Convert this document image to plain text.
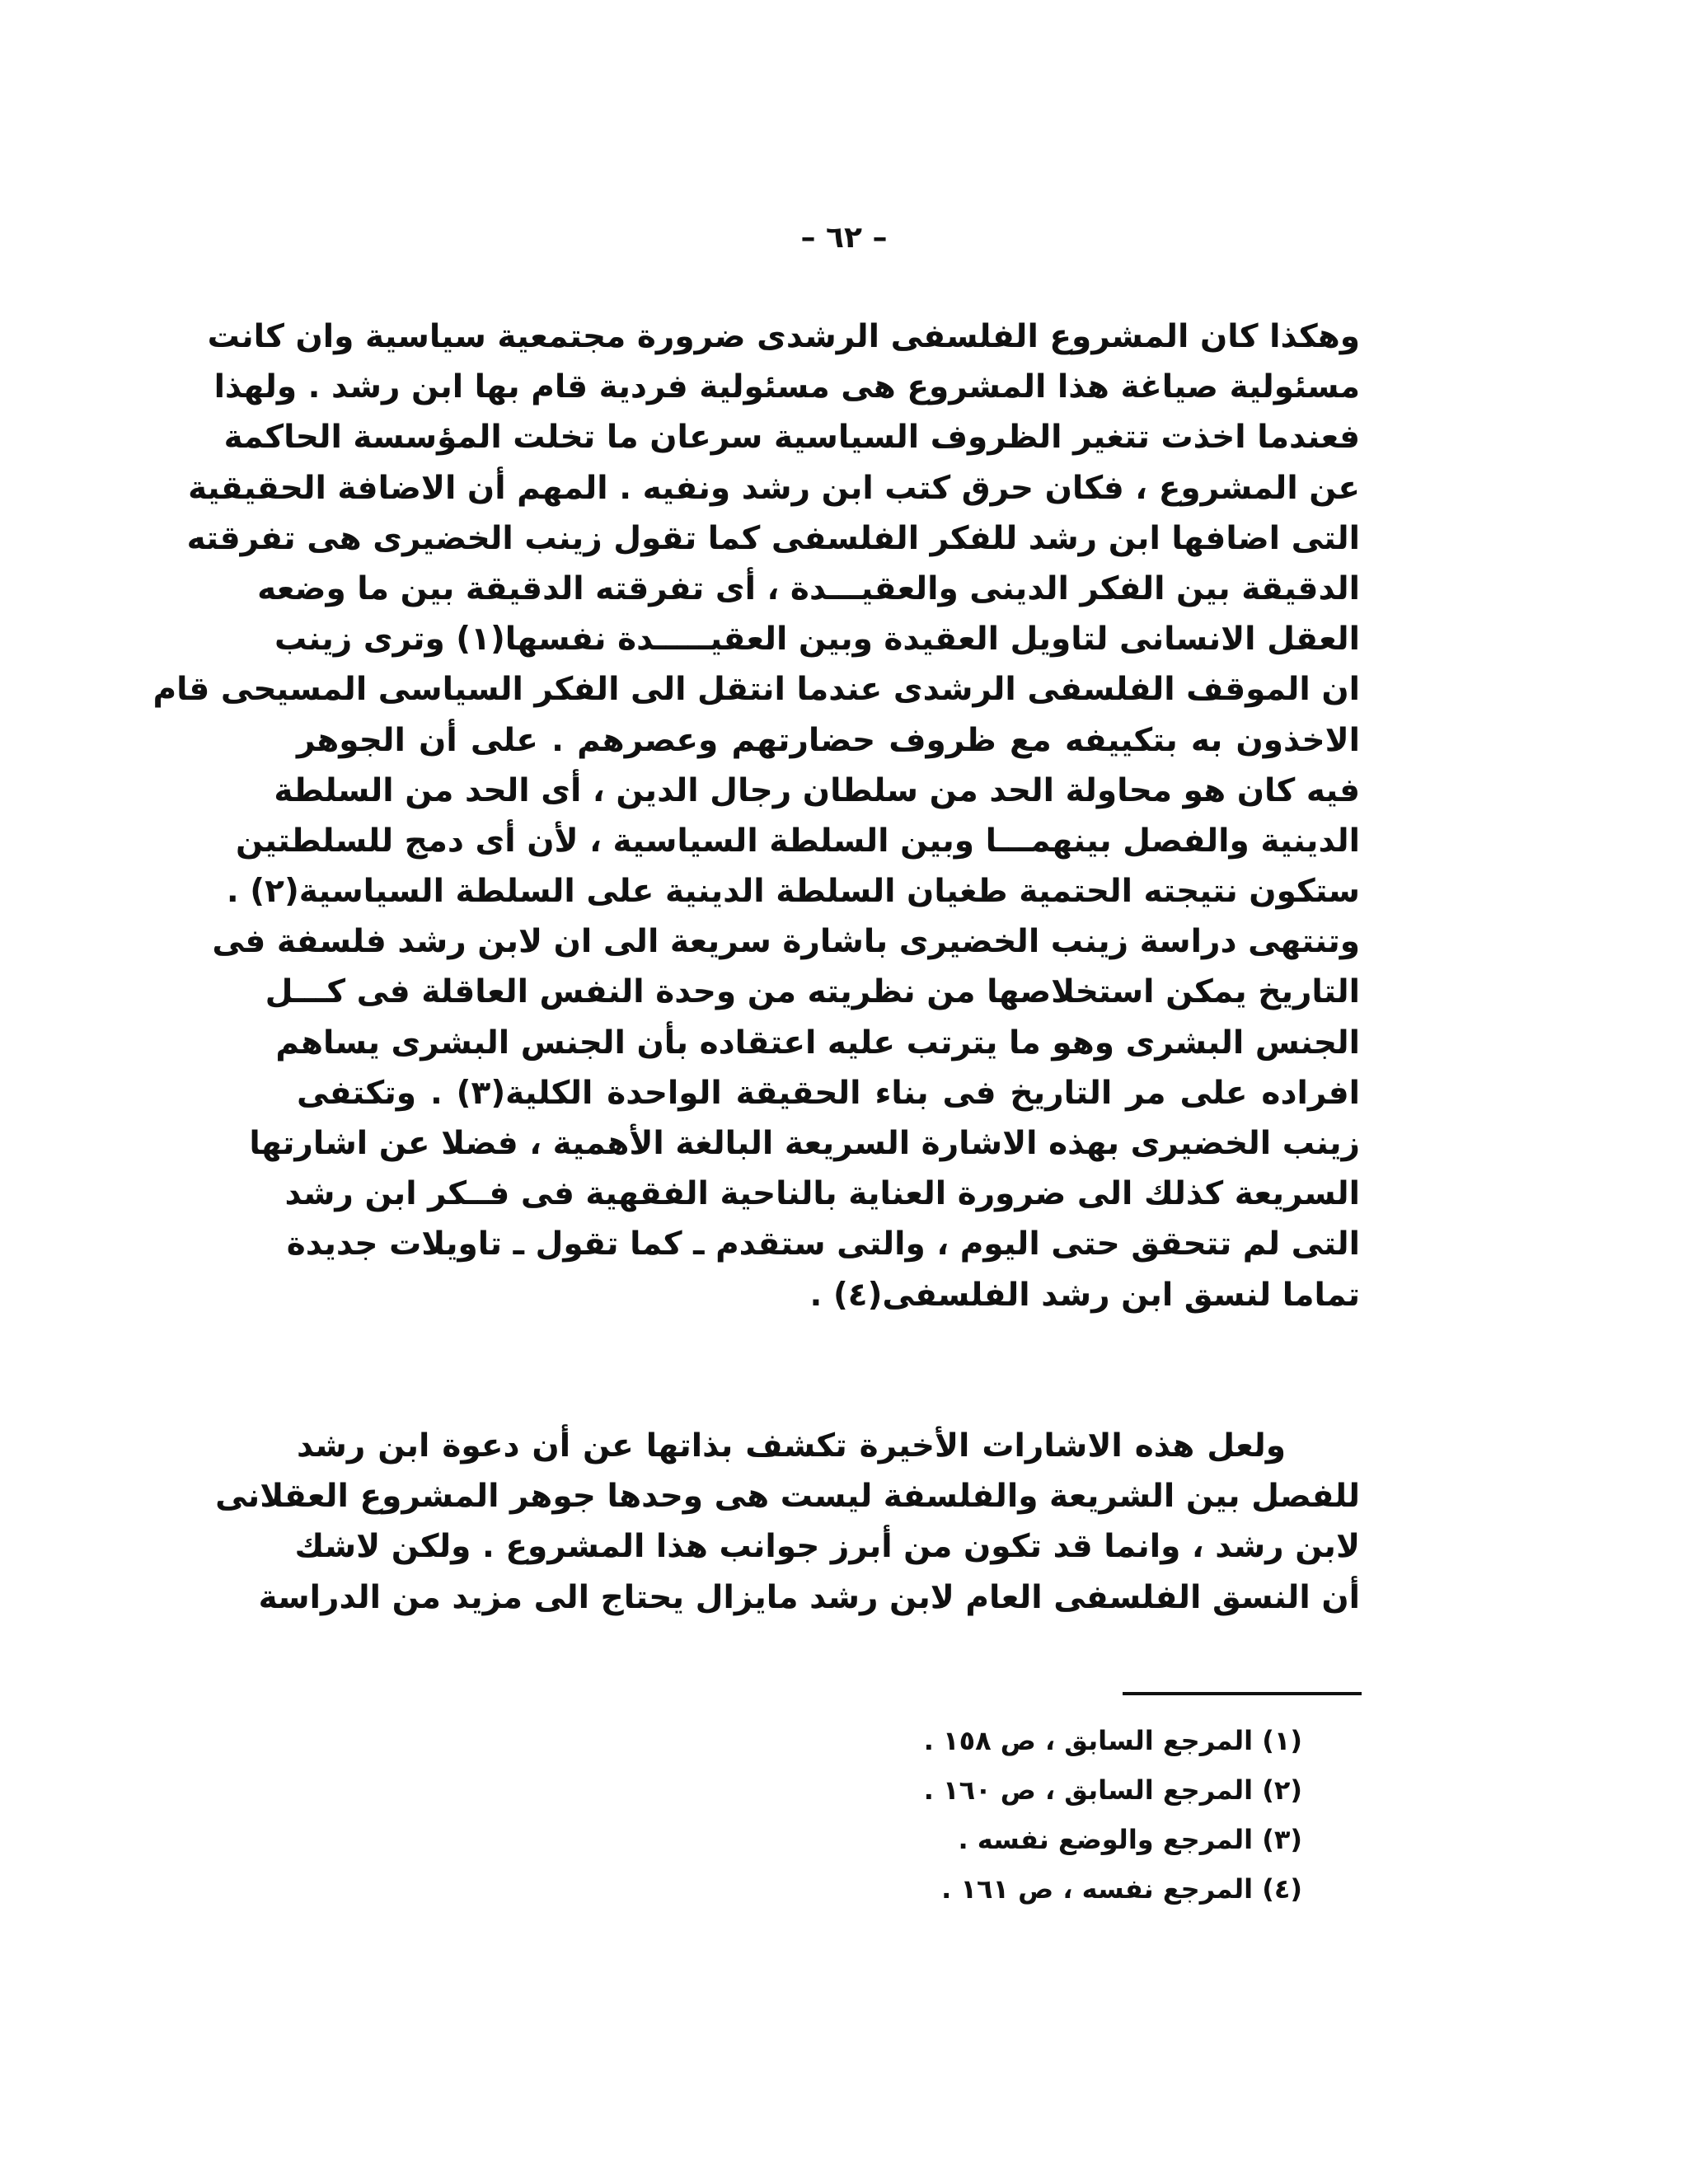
– ٦٢ –
وهكذا كان المشروع الفلسفى الرشدى ضرورة مجتمعية سياسية وان كانت
مسئولية صياغة هذا المشروع هى مسئولية فردية قام بها ابن رشد . ولهذا
فعندما اخذت تتغير الظروف السياسية سرعان ما تخلت المؤسسة الحاكمة
عن المشروع ، فكان حرق كتب ابن رشد ونفيه . المهم أن الاضافة الحقيقية
التى اضافها ابن رشد للفكر الفلسفى كما تقول زينب الخضيرى هى تفرقته
الدقيقة بين الفكر الدينى والعقيـــدة ، أى تفرقته الدقيقة بين ما وضعه
العقل الانسانى لتاويل العقيدة وبين العقيـــــدة نفسها(١) وترى زينب
ان الموقف الفلسفى الرشدى عندما انتقل الى الفكر السياسى المسيحى قام
الاخذون به بتكييفه مع ظروف حضارتهم وعصرهم . على أن الجوهر
فيه كان هو محاولة الحد من سلطان رجال الدين ، أى الحد من السلطة
الدينية والفصل بينهمـــا وبين السلطة السياسية ، لأن أى دمج للسلطتين
ستكون نتيجته الحتمية طغيان السلطة الدينية على السلطة السياسية(٢) .
وتنتهى دراسة زينب الخضيرى باشارة سريعة الى ان لابن رشد فلسفة فى
التاريخ يمكن استخلاصها من نظريته من وحدة النفس العاقلة فى كـــل
الجنس البشرى وهو ما يترتب عليه اعتقاده بأن الجنس البشرى يساهم
افراده على مر التاريخ فى بناء الحقيقة الواحدة الكلية(٣) . وتكتفى
زينب الخضيرى بهذه الاشارة السريعة البالغة الأهمية ، فضلا عن اشارتها
السريعة كذلك الى ضرورة العناية بالناحية الفقهية فى فــكر ابن رشد
التى لم تتحقق حتى اليوم ، والتى ستقدم ـ كما تقول ـ تاويلات جديدة
تماما لنسق ابن رشد الفلسفى(٤) .
ولعل هذه الاشارات الأخيرة تكشف بذاتها عن أن دعوة ابن رشد
للفصل بين الشريعة والفلسفة ليست هى وحدها جوهر المشروع العقلانى
لابن رشد ، وانما قد تكون من أبرز جوانب هذا المشروع . ولكن لاشك
أن النسق الفلسفى العام لابن رشد مايزال يحتاج الى مزيد من الدراسة
(١) المرجع السابق ، ص ١٥٨ .
(٢) المرجع السابق ، ص ١٦٠ .
(٣) المرجع والوضع نفسه .
(٤) المرجع نفسه ، ص ١٦١ .
